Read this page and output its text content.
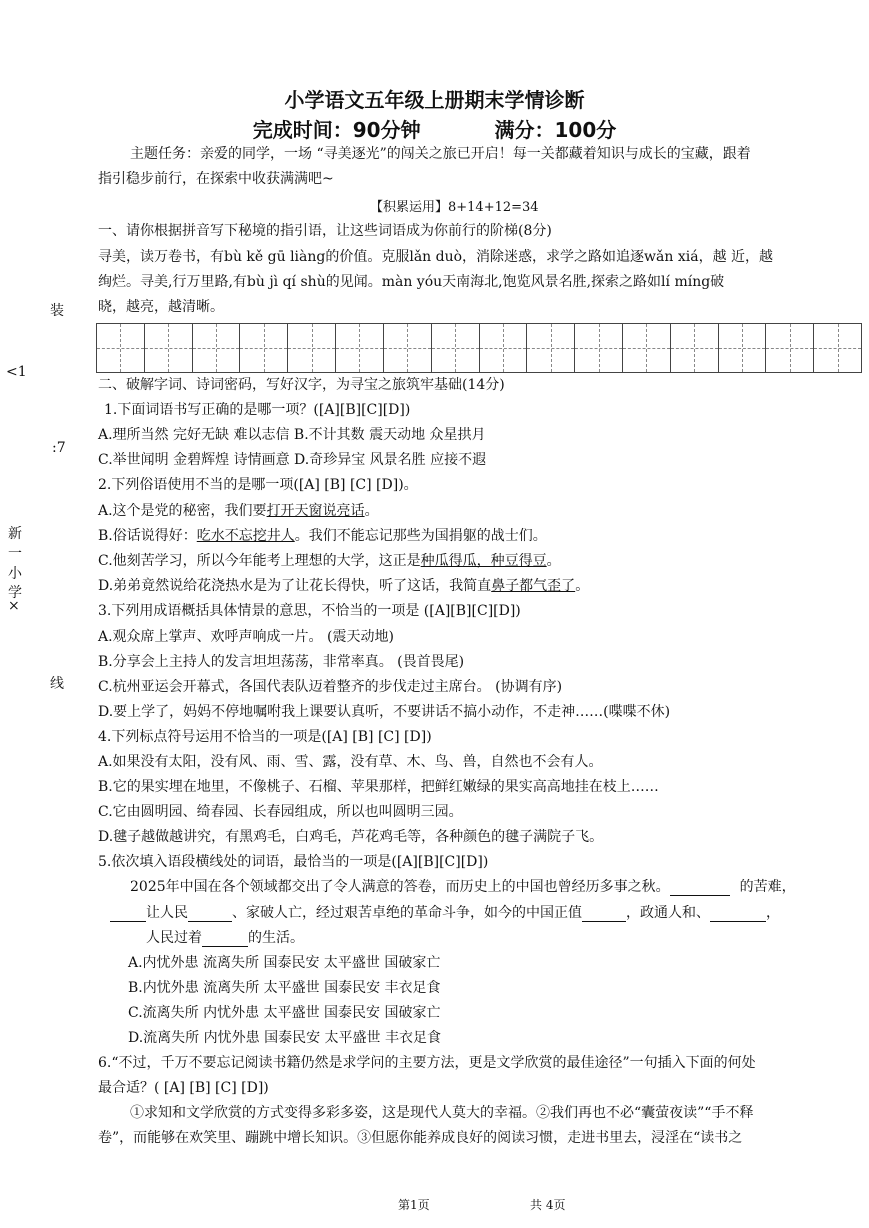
小学语文五年级上册期末学情诊断
完成时间：90分钟	满分：100分
主题任务：亲爱的同学，一场 “寻美逐光”的闯关之旅已开启！每一关都藏着知识与成长的宝藏，跟着
指引稳步前行，在探索中收获满满吧~
【积累运用】8+14+12=34
一、请你根据拼音写下秘境的指引语，让这些词语成为你前行的阶梯(8分)
寻美，读万卷书，有bù kě gū liàng的价值。克服lǎn duò，消除迷惑，求学之路如追逐wǎn xiá，越 近，越
绚烂。寻美,行万里路,有bù jì qí shù的见闻。màn yóu天南海北,饱览风景名胜,探索之路如lí míng破
晓，越亮，越清晰。
装
<1
:7
新
一
小
学
×
线
二、破解字词、诗词密码，写好汉字，为寻宝之旅筑牢基础(14分)
1.下面词语书写正确的是哪一项？([A][B][C][D])
A.理所当然 完好无缺 难以志信 B.不计其数 震天动地 众星拱月
C.举世闻明 金碧辉煌 诗情画意 D.奇珍异宝 风景名胜 应接不遐
2.下列俗语使用不当的是哪一项([A] [B] [C] [D])。
A.这个是党的秘密，我们要打开天窗说亮话。
B.俗话说得好：吃水不忘挖井人。我们不能忘记那些为国捐躯的战士们。
C.他刻苦学习，所以今年能考上理想的大学，这正是种瓜得瓜，种豆得豆。
D.弟弟竟然说给花浇热水是为了让花长得快，听了这话，我简直鼻子都气歪了。
3.下列用成语概括具体情景的意思，不恰当的一项是 ([A][B][C][D])
A.观众席上掌声、欢呼声响成一片。 (震天动地)
B.分享会上主持人的发言坦坦荡荡，非常率真。 (畏首畏尾)
C.杭州亚运会开幕式，各国代表队迈着整齐的步伐走过主席台。 (协调有序)
D.要上学了，妈妈不停地嘱咐我上课要认真听，不要讲话不搞小动作，不走神……(喋喋不休)
4.下列标点符号运用不恰当的一项是([A] [B] [C] [D])
A.如果没有太阳，没有风、雨、雪、露，没有草、木、鸟、兽，自然也不会有人。
B.它的果实埋在地里，不像桃子、石榴、苹果那样，把鲜红嫩绿的果实高高地挂在枝上……
C.它由圆明园、绮春园、长春园组成，所以也叫圆明三园。
D.毽子越做越讲究，有黑鸡毛，白鸡毛，芦花鸡毛等，各种颜色的毽子满院子飞。
5.依次填入语段横线处的词语，最恰当的一项是([A][B][C][D])
2025年中国在各个领域都交出了令人满意的答卷，而历史上的中国也曾经历多事之秋。	的苦难，
让人民	、家破人亡，经过艰苦卓绝的革命斗争，如今的中国正值	，政通人和、	，
人民过着	的生活。
A.内忧外患 流离失所 国泰民安 太平盛世 国破家亡
B.内忧外患 流离失所 太平盛世 国泰民安 丰衣足食
C.流离失所 内忧外患 太平盛世 国泰民安 国破家亡
D.流离失所 内忧外患 国泰民安 太平盛世 丰衣足食
6.“不过，千万不要忘记阅读书籍仍然是求学问的主要方法，更是文学欣赏的最佳途径”一句插入下面的何处
最合适？( [A] [B] [C] [D])
①求知和文学欣赏的方式变得多彩多姿，这是现代人莫大的幸福。②我们再也不必“囊萤夜读”“手不释
卷”，而能够在欢笑里、蹦跳中增长知识。③但愿你能养成良好的阅读习惯，走进书里去，浸淫在“读书之
第1页	共 4页
